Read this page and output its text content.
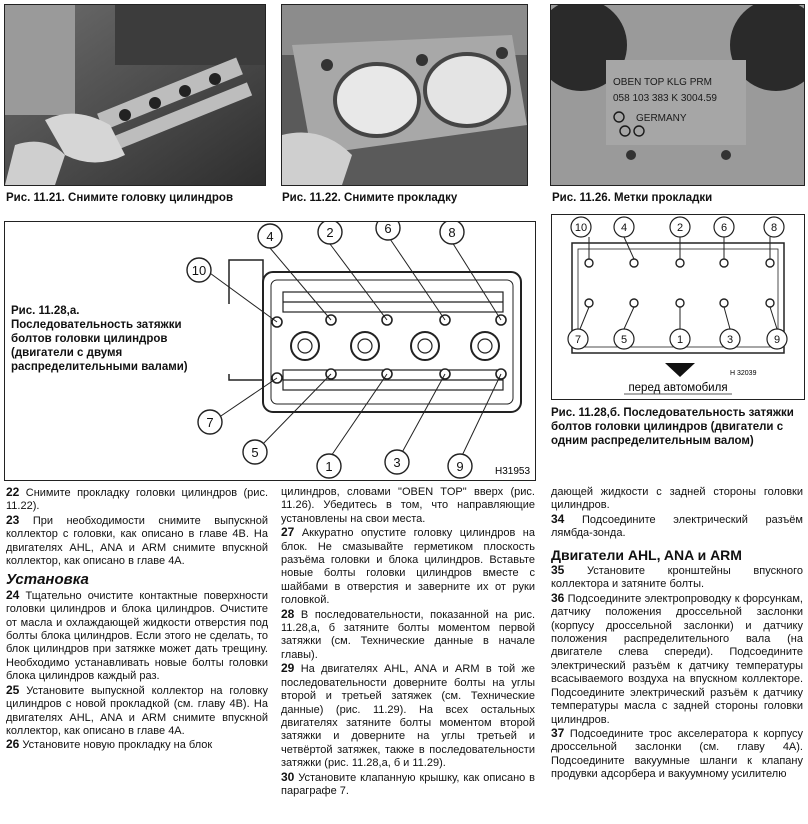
Рис. 11.21. Снимите головку цилиндров	Рис. 11.22. Снимите прокладку
OBEN TOP KLG PRM
058 103 383 K 3004.59
GERMANY
Рис. 11.26. Метки прокладки
4	2	6	8
10
7
5
1	3	9	H31953
Рис. 11.28,а.
Последовательность затяжки
болтов головки цилиндров
(двигатели с двумя
распределительными валами)
10	4	2	6	8
7	5	1	3	9
H 32039
перед автомобиля
Рис. 11.28,б. Последовательность затяжки болтов головки цилиндров (двигатели с одним распределительным валом)

22 Снимите прокладку головки цилиндров (рис. 11.22).

23 При необходимости снимите выпускной коллектор с головки, как описано в главе 4В. На двигателях AHL, ANA и ARM снимите впускной коллектор, как описано в главе 4А.

Установка

24 Тщательно очистите контактные поверхности головки цилиндров и блока цилиндров. Очистите от масла и охлаждающей жидкости отверстия под болты блока цилиндров. Если этого не сделать, то блок цилиндров при затяжке может дать трещину. Необходимо устанавливать новые болты головки блока цилиндров каждый раз.

25 Установите выпускной коллектор на головку цилиндров с новой прокладкой (см. главу 4В). На двигателях AHL, ANA и ARM снимите впускной коллектор, как описано в главе 4А.

26 Установите новую прокладку на блок

цилиндров, словами "OBEN TOP" вверх (рис. 11.26). Убедитесь в том, что направляющие установлены на свои места.

27 Аккуратно опустите головку цилиндров на блок. Не смазывайте герметиком плоскость разъёма головки и блока цилиндров. Вставьте новые болты головки цилиндров вместе с шайбами в отверстия и заверните их от руки головкой.

28 В последовательности, показанной на рис. 11.28,а, б затяните болты моментом первой затяжки (см. Технические данные в начале главы).

29 На двигателях AHL, ANA и ARM в той же последовательности доверните болты на углы второй и третьей затяжек (см. Технические данные) (рис. 11.29). На всех остальных двигателях затяните болты моментом второй затяжки и доверните на углы третьей и четвёртой затяжек, также в последовательности затяжки (рис. 11.28,а, б и 11.29).

30 Установите клапанную крышку, как описано в параграфе 7.

дающей жидкости с задней стороны головки цилиндров.

34 Подсоедините электрический разъём лямбда-зонда.

Двигатели AHL, ANA и ARM

35 Установите кронштейны впускного коллектора и затяните болты.

36 Подсоедините электропроводку к форсункам, датчику положения дроссельной заслонки (корпусу дроссельной заслонки) и датчику положения распределительного вала (на двигателе слева спереди). Подсоедините электрический разъём к датчику температуры всасываемого воздуха на впускном коллекторе. Подсоедините электрический разъём к датчику температуры масла с задней стороны головки цилиндров.

37 Подсоедините трос акселератора к корпусу дроссельной заслонки (см. главу 4А). Подсоедините вакуумные шланги к клапану продувки адсорбера и вакуумному усилителю
